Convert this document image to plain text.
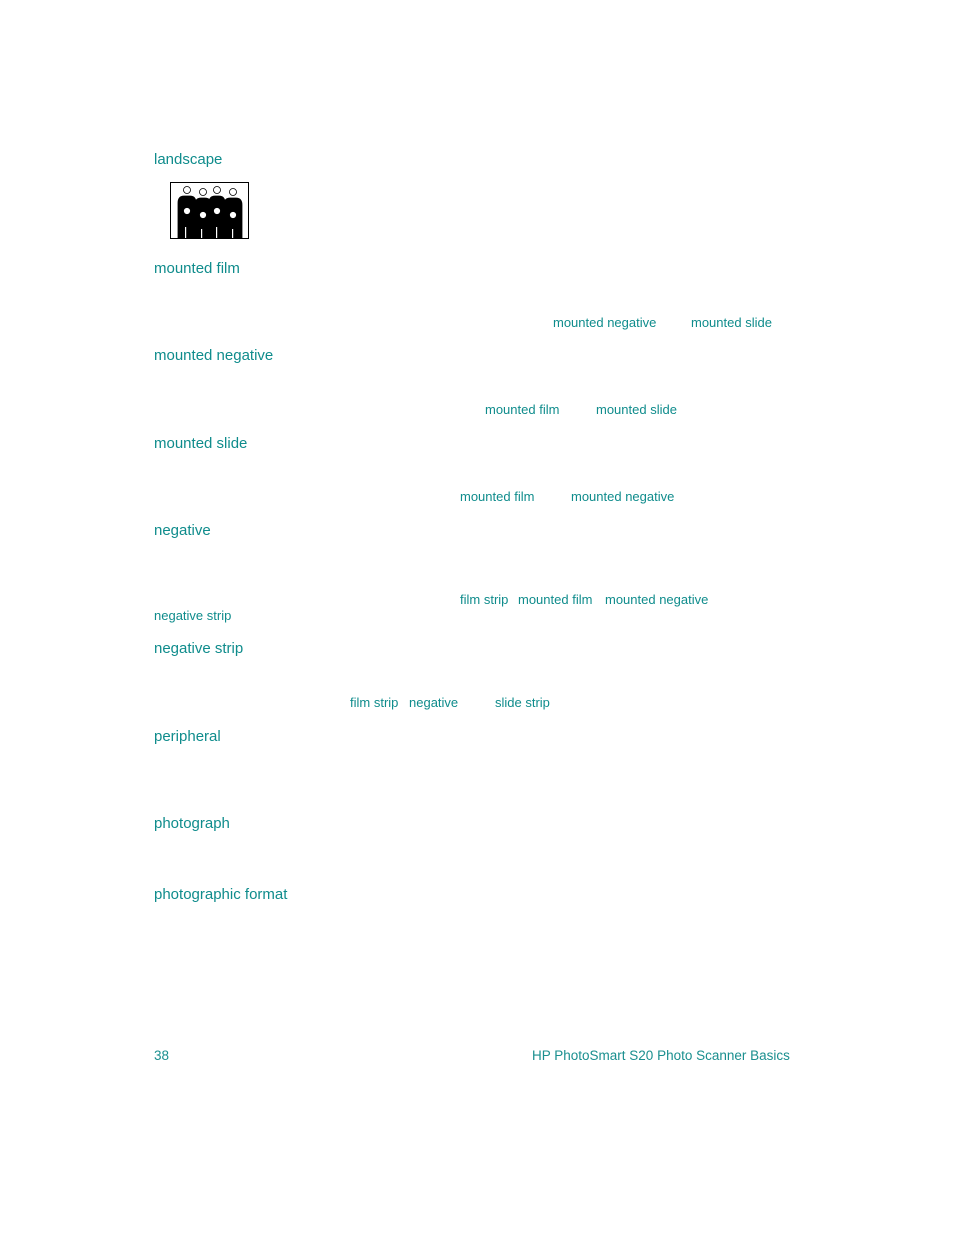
landscape
mounted film
mounted negative	mounted slide
mounted negative
mounted film	mounted slide
mounted slide
mounted film	mounted negative
negative
film strip mounted film mounted negative
negative strip
negative strip
film strip negative	slide strip
peripheral
photograph
photographic format
38	HP PhotoSmart S20 Photo Scanner Basics
